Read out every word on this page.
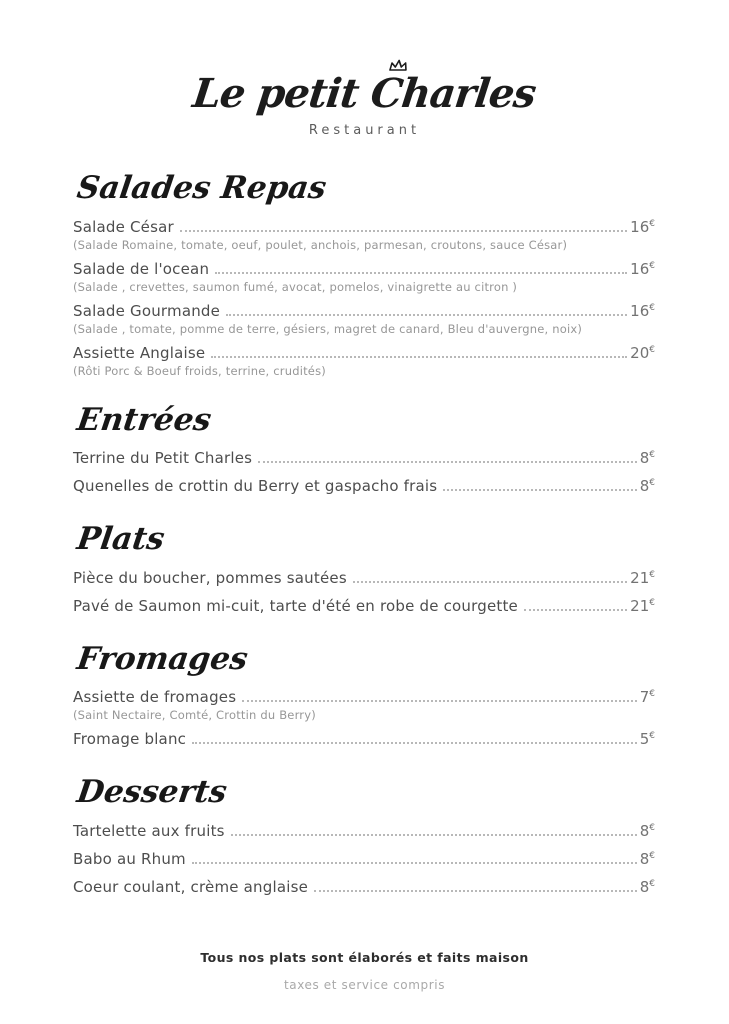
Le petit Charles
Restaurant
Salades Repas
Salade César	16€
(Salade Romaine, tomate, oeuf, poulet, anchois, parmesan, croutons, sauce César)
Salade de l'ocean	16€
(Salade , crevettes, saumon fumé, avocat, pomelos, vinaigrette au citron )
Salade Gourmande	16€
(Salade , tomate, pomme de terre, gésiers, magret de canard, Bleu d'auvergne, noix)
Assiette Anglaise	20€
(Rôti Porc & Boeuf froids, terrine, crudités)
Entrées
Terrine du Petit Charles	8€
Quenelles de crottin du Berry et gaspacho frais	8€
Plats
Pièce du boucher, pommes sautées	21€
Pavé de Saumon mi-cuit, tarte d'été en robe de courgette	21€
Fromages
Assiette de fromages	7€
(Saint Nectaire, Comté, Crottin du Berry)
Fromage blanc	5€
Desserts
Tartelette aux fruits	8€
Babo au Rhum	8€
Coeur coulant, crème anglaise	8€
Tous nos plats sont élaborés et faits maison
taxes et service compris
